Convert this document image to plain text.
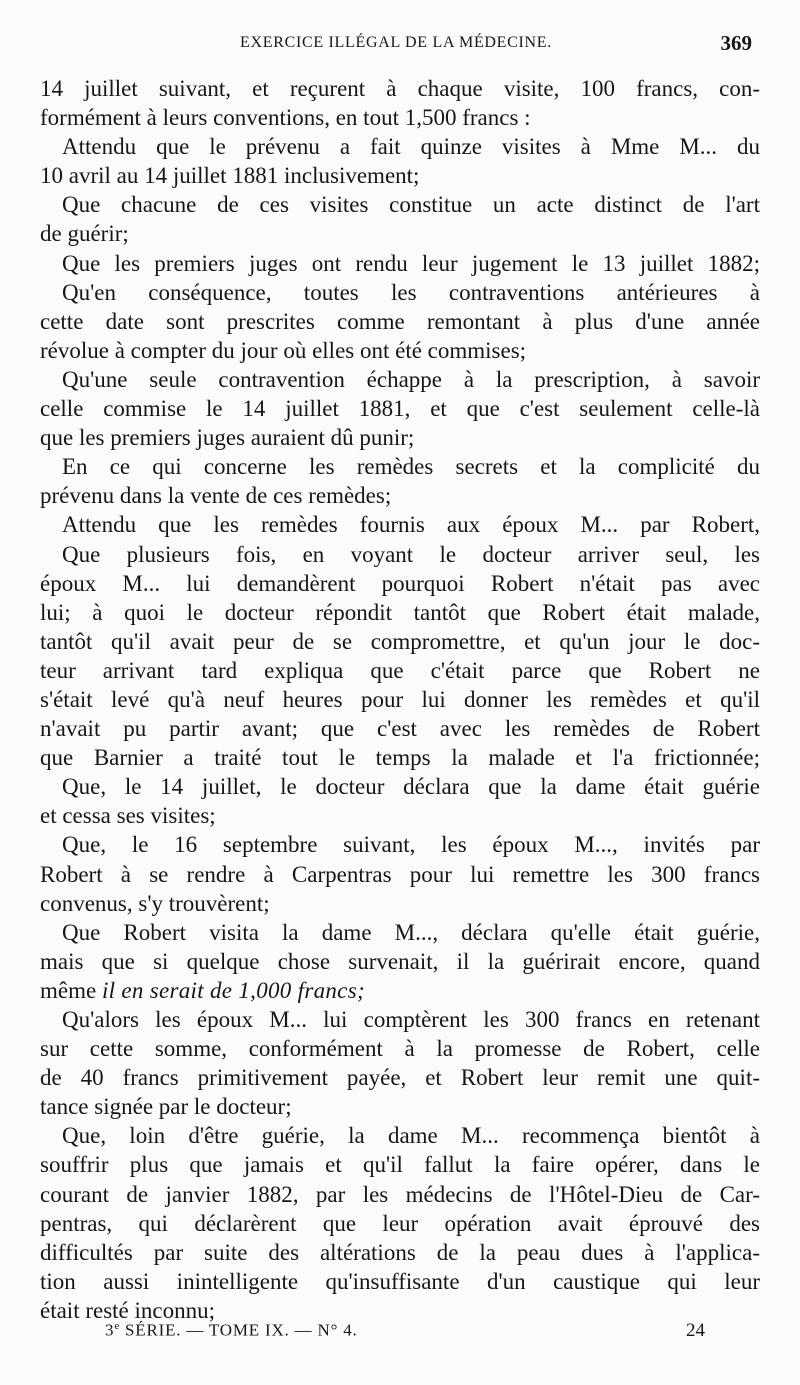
EXERCICE ILLÉGAL DE LA MÉDECINE.	369
14 juillet suivant, et reçurent à chaque visite, 100 francs, con-
formément à leurs conventions, en tout 1,500 francs :
Attendu que le prévenu a fait quinze visites à Mme M... du
10 avril au 14 juillet 1881 inclusivement;
Que chacune de ces visites constitue un acte distinct de l'art
de guérir;
Que les premiers juges ont rendu leur jugement le 13 juillet 1882;
Qu'en conséquence, toutes les contraventions antérieures à
cette date sont prescrites comme remontant à plus d'une année
révolue à compter du jour où elles ont été commises;
Qu'une seule contravention échappe à la prescription, à savoir
celle commise le 14 juillet 1881, et que c'est seulement celle-là
que les premiers juges auraient dû punir;
En ce qui concerne les remèdes secrets et la complicité du
prévenu dans la vente de ces remèdes;
Attendu que les remèdes fournis aux époux M... par Robert,
Que plusieurs fois, en voyant le docteur arriver seul, les
époux M... lui demandèrent pourquoi Robert n'était pas avec
lui; à quoi le docteur répondit tantôt que Robert était malade,
tantôt qu'il avait peur de se compromettre, et qu'un jour le doc-
teur arrivant tard expliqua que c'était parce que Robert ne
s'était levé qu'à neuf heures pour lui donner les remèdes et qu'il
n'avait pu partir avant; que c'est avec les remèdes de Robert
que Barnier a traité tout le temps la malade et l'a frictionnée;
Que, le 14 juillet, le docteur déclara que la dame était guérie
et cessa ses visites;
Que, le 16 septembre suivant, les époux M..., invités par
Robert à se rendre à Carpentras pour lui remettre les 300 francs
convenus, s'y trouvèrent;
Que Robert visita la dame M..., déclara qu'elle était guérie,
mais que si quelque chose survenait, il la guérirait encore, quand
même il en serait de 1,000 francs;
Qu'alors les époux M... lui comptèrent les 300 francs en retenant
sur cette somme, conformément à la promesse de Robert, celle
de 40 francs primitivement payée, et Robert leur remit une quit-
tance signée par le docteur;
Que, loin d'être guérie, la dame M... recommença bientôt à
souffrir plus que jamais et qu'il fallut la faire opérer, dans le
courant de janvier 1882, par les médecins de l'Hôtel-Dieu de Car-
pentras, qui déclarèrent que leur opération avait éprouvé des
difficultés par suite des altérations de la peau dues à l'applica-
tion aussi inintelligente qu'insuffisante d'un caustique qui leur
était resté inconnu;
3e SÉRIE. — TOME IX. — N° 4.	24
